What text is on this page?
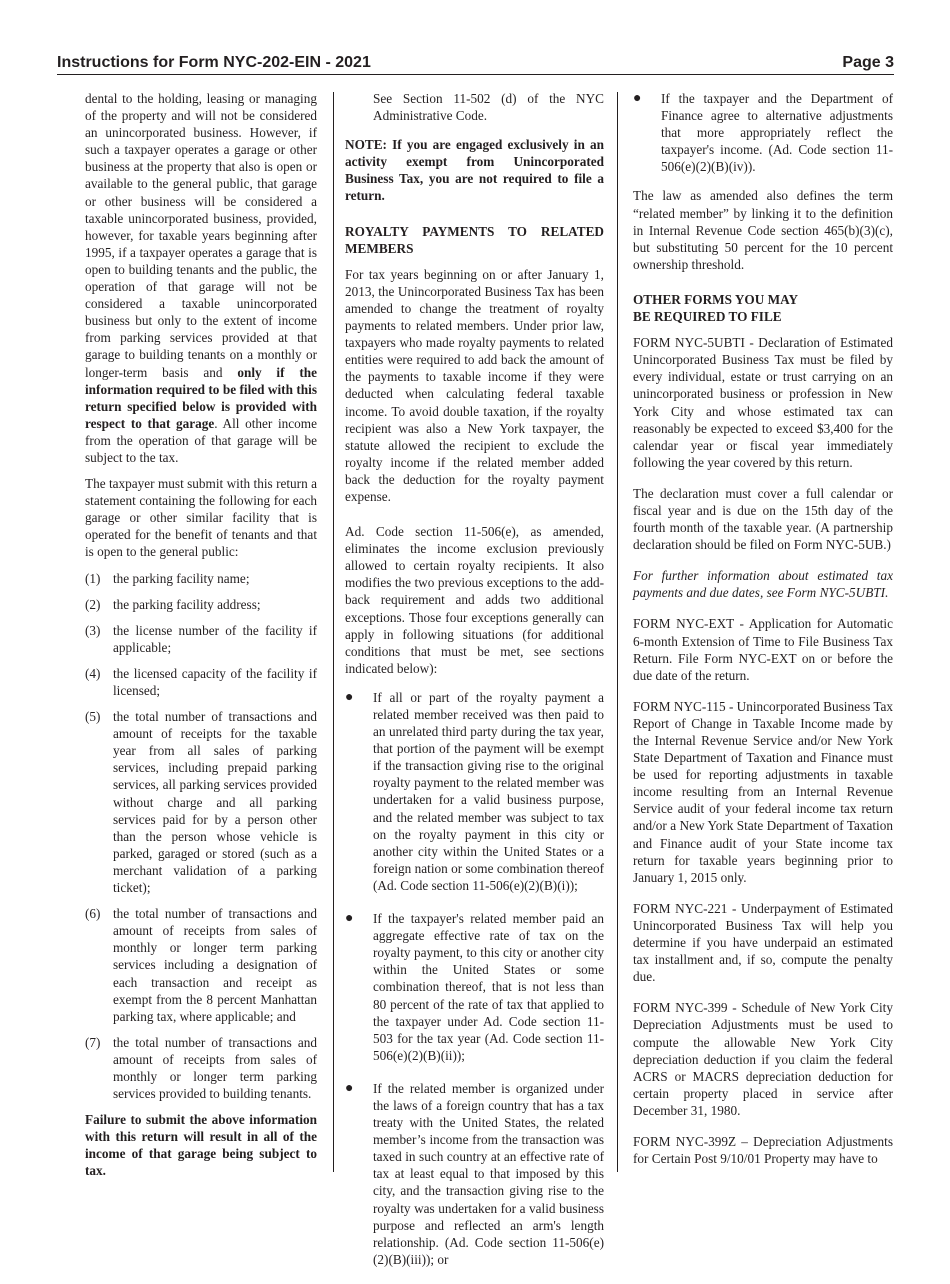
Instructions for Form NYC-202-EIN - 2021	Page 3

dental to the holding, leasing or managing of the property and will not be considered an unincorporated business. However, if such a taxpayer operates a garage or other business at the property that also is open or available to the general public, that garage or other business will be considered a taxable unincorporated business, provided, however, for taxable years beginning after 1995, if a taxpayer operates a garage that is open to building tenants and the public, the operation of that garage will not be considered a taxable unincorporated business but only to the extent of income from parking services provided at that garage to building tenants on a monthly or longer-term basis and only if the information required to be filed with this return specified below is provided with respect to that garage. All other income from the operation of that garage will be subject to the tax.

The taxpayer must submit with this return a statement containing the following for each garage or other similar facility that is operated for the benefit of tenants and that is open to the general public:

(1) the parking facility name;
(2) the parking facility address;
(3) the license number of the facility if applicable;
(4) the licensed capacity of the facility if licensed;
(5) the total number of transactions and amount of receipts for the taxable year from all sales of parking services, including prepaid parking services, all parking services provided without charge and all parking services paid for by a person other than the person whose vehicle is parked, garaged or stored (such as a merchant validation of a parking ticket);
(6) the total number of transactions and amount of receipts from sales of monthly or longer term parking services including a designation of each transaction and receipt as exempt from the 8 percent Manhattan parking tax, where applicable; and
(7) the total number of transactions and amount of receipts from sales of monthly or longer term parking services provided to building tenants.

Failure to submit the above information with this return will result in all of the income of that garage being subject to tax.

See Section 11-502 (d) of the NYC Administrative Code.

NOTE: If you are engaged exclusively in an activity exempt from Unincorporated Business Tax, you are not required to file a return.

ROYALTY PAYMENTS TO RELATED MEMBERS

For tax years beginning on or after January 1, 2013, the Unincorporated Business Tax has been amended to change the treatment of royalty payments to related members. Under prior law, taxpayers who made royalty payments to related entities were required to add back the amount of the payments to taxable income if they were deducted when calculating federal taxable income. To avoid double taxation, if the royalty recipient was also a New York taxpayer, the statute allowed the recipient to exclude the royalty income if the related member added back the deduction for the royalty payment expense.

Ad. Code section 11-506(e), as amended, eliminates the income exclusion previously allowed to certain royalty recipients. It also modifies the two previous exceptions to the add-back requirement and adds two additional exceptions. Those four exceptions generally can apply in following situations (for additional conditions that must be met, see sections indicated below):

● If all or part of the royalty payment a related member received was then paid to an unrelated third party during the tax year, that portion of the payment will be exempt if the transaction giving rise to the original royalty payment to the related member was undertaken for a valid business purpose, and the related member was subject to tax on the royalty payment in this city or another city within the United States or a foreign nation or some combination thereof (Ad. Code section 11-506(e)(2)(B)(i));
● If the taxpayer's related member paid an aggregate effective rate of tax on the royalty payment, to this city or another city within the United States or some combination thereof, that is not less than 80 percent of the rate of tax that applied to the taxpayer under Ad. Code section 11-503 for the tax year (Ad. Code section 11-506(e)(2)(B)(ii));
● If the related member is organized under the laws of a foreign country that has a tax treaty with the United States, the related member’s income from the transaction was taxed in such country at an effective rate of tax at least equal to that imposed by this city, and the transaction giving rise to the royalty was undertaken for a valid business purpose and reflected an arm's length relationship. (Ad. Code section 11-506(e)(2)(B)(iii)); or
● If the taxpayer and the Department of Finance agree to alternative adjustments that more appropriately reflect the taxpayer's income. (Ad. Code section 11-506(e)(2)(B)(iv)).

The law as amended also defines the term “related member” by linking it to the definition in Internal Revenue Code section 465(b)(3)(c), but substituting 50 percent for the 10 percent ownership threshold.

OTHER FORMS YOU MAY
BE REQUIRED TO FILE

FORM NYC-5UBTI - Declaration of Estimated Unincorporated Business Tax must be filed by every individual, estate or trust carrying on an unincorporated business or profession in New York City and whose estimated tax can reasonably be expected to exceed $3,400 for the calendar year or fiscal year immediately following the year covered by this return.

The declaration must cover a full calendar or fiscal year and is due on the 15th day of the fourth month of the taxable year. (A partnership declaration should be filed on Form NYC-5UB.)

For further information about estimated tax payments and due dates, see Form NYC-5UBTI.

FORM NYC-EXT - Application for Automatic 6-month Extension of Time to File Business Tax Return. File Form NYC-EXT on or before the due date of the return.

FORM NYC-115 - Unincorporated Business Tax Report of Change in Taxable Income made by the Internal Revenue Service and/or New York State Department of Taxation and Finance must be used for reporting adjustments in taxable income resulting from an Internal Revenue Service audit of your federal income tax return and/or a New York State Department of Taxation and Finance audit of your State income tax return for taxable years beginning prior to January 1, 2015 only.

FORM NYC-221 - Underpayment of Estimated Unincorporated Business Tax will help you determine if you have underpaid an estimated tax installment and, if so, compute the penalty due.

FORM NYC-399 - Schedule of New York City Depreciation Adjustments must be used to compute the allowable New York City depreciation deduction if you claim the federal ACRS or MACRS depreciation deduction for certain property placed in service after December 31, 1980.

FORM NYC-399Z – Depreciation Adjustments for Certain Post 9/10/01 Property may have to
